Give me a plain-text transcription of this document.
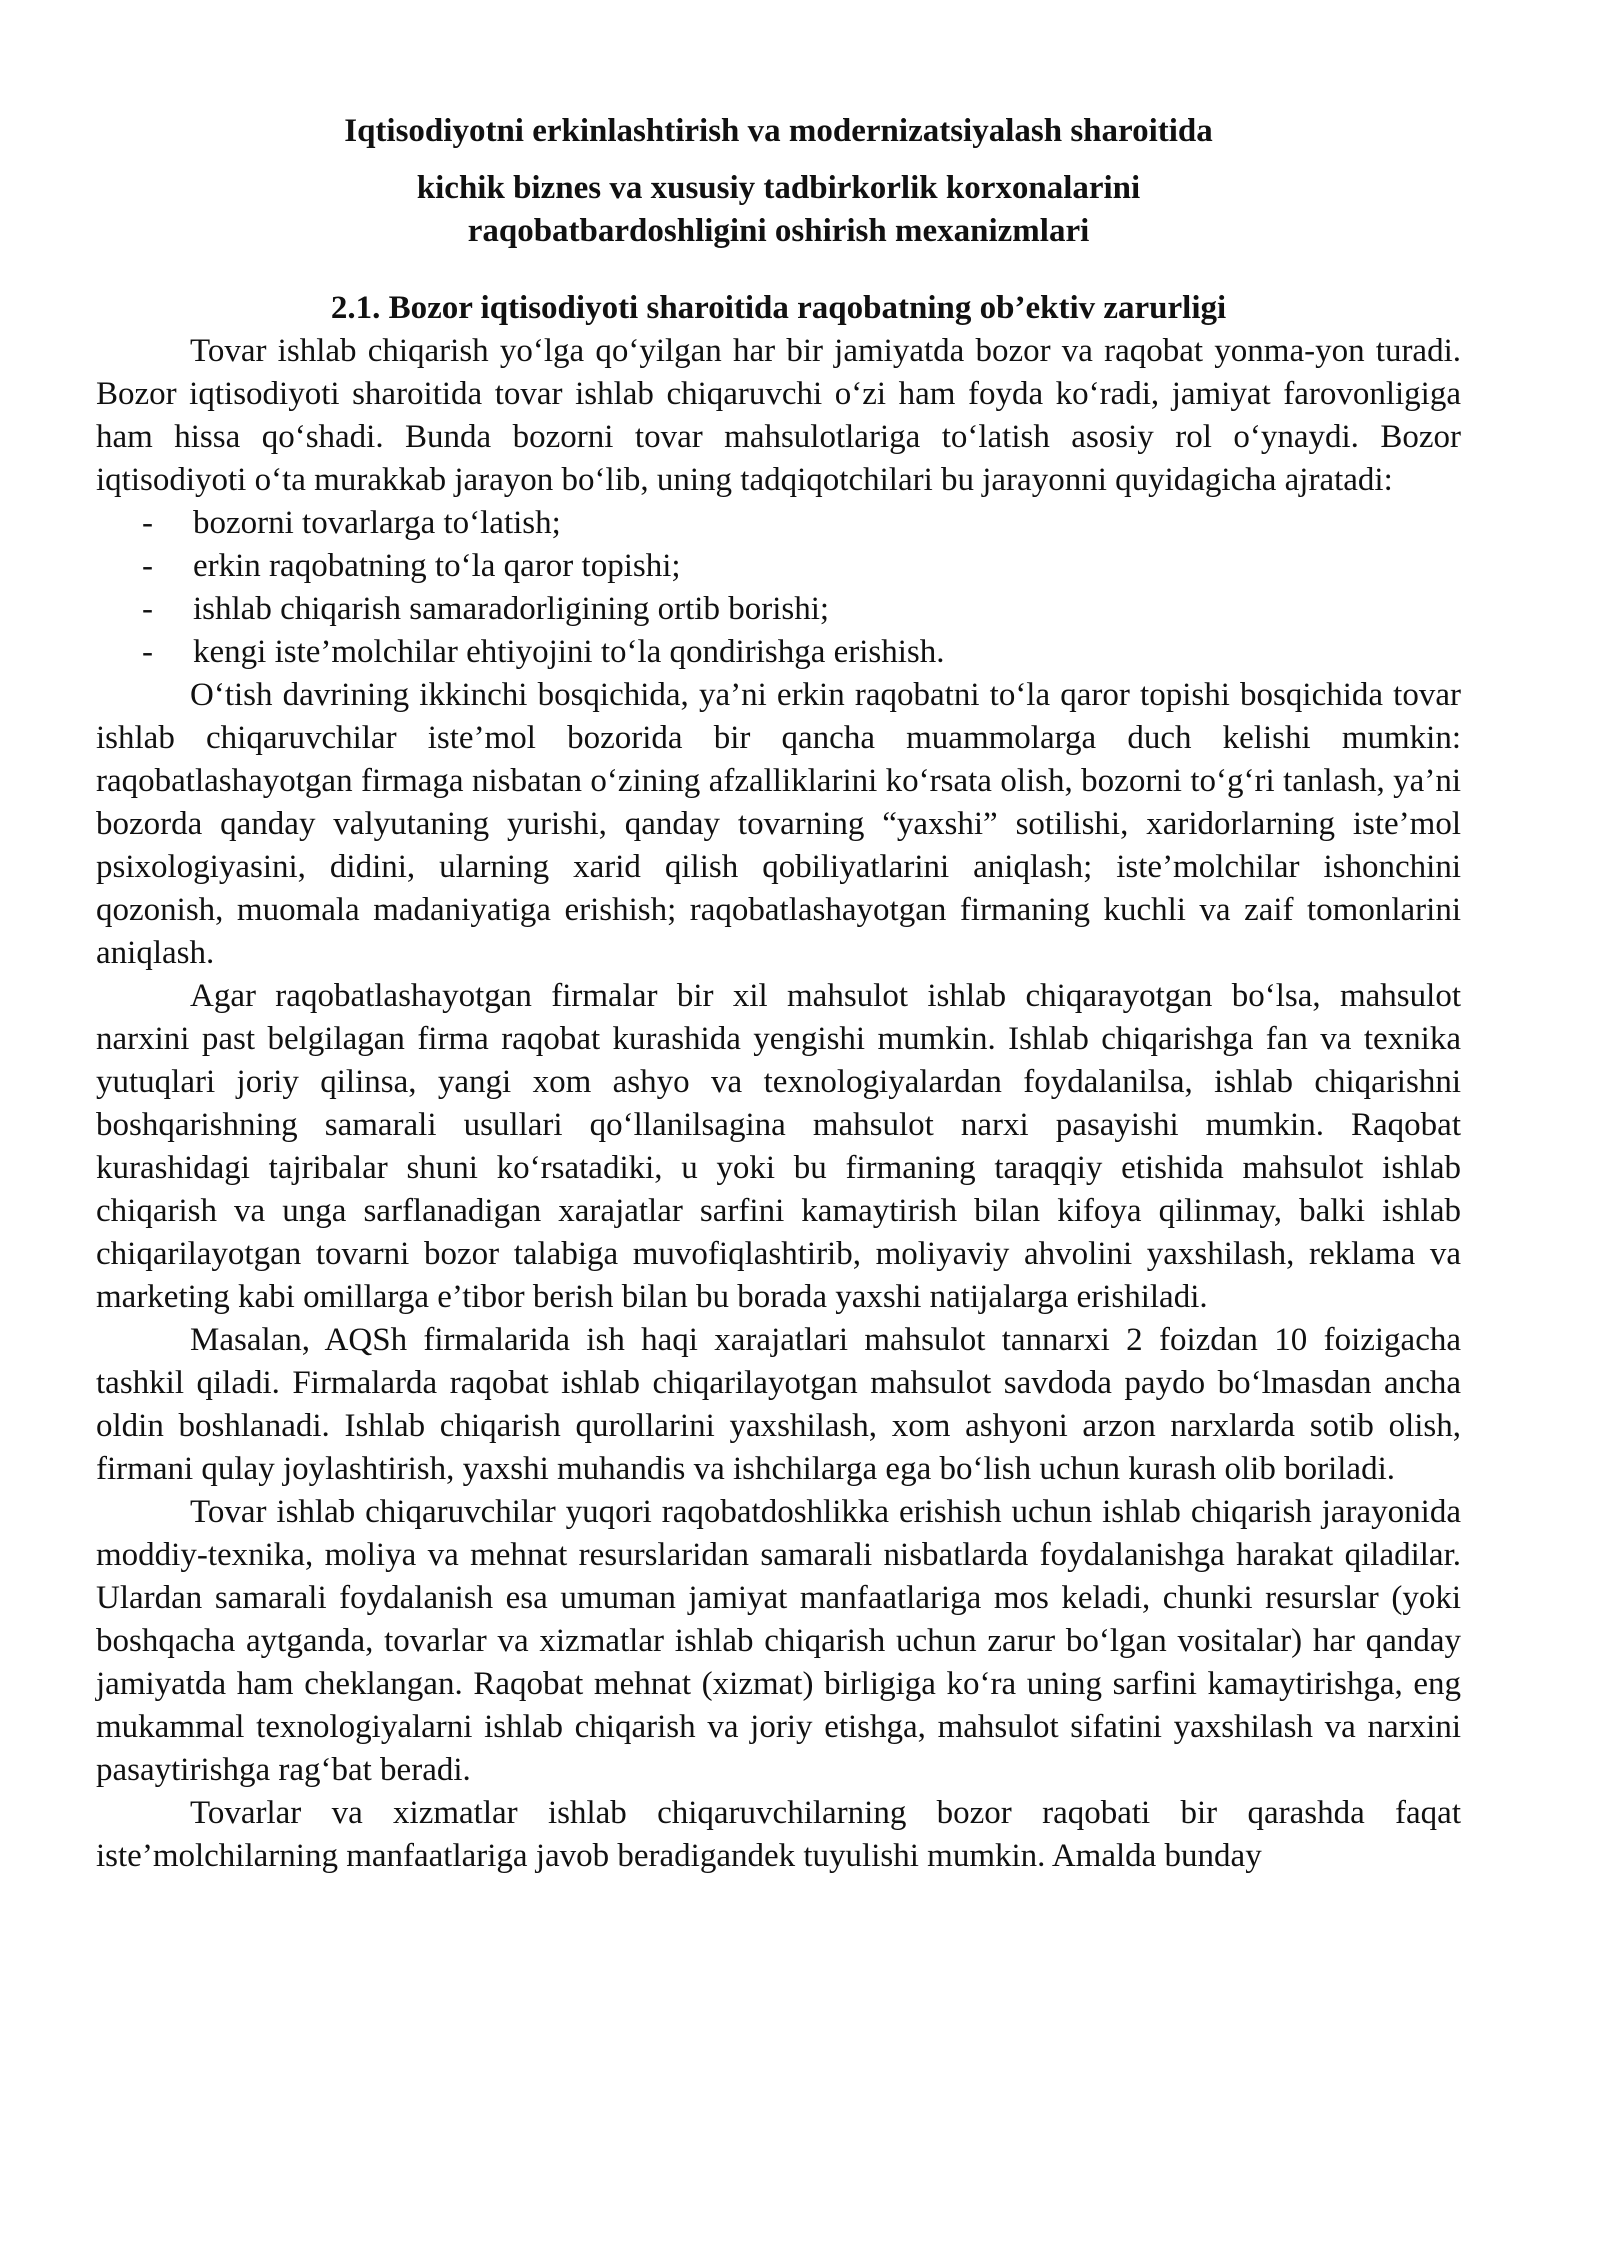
Iqtisodiyotni erkinlashtirish va modernizatsiyalash sharoitida
kichik biznes va xususiy tadbirkorlik korxonalarini
raqobatbardoshligini oshirish mexanizmlari
2.1. Bozor iqtisodiyoti sharoitida raqobatning ob’ektiv zarurligi

Tovar ishlab chiqarish yo‘lga qo‘yilgan har bir jamiyatda bozor va raqobat yonma-yon turadi. Bozor iqtisodiyoti sharoitida tovar ishlab chiqaruvchi o‘zi ham foyda ko‘radi, jamiyat farovonligiga ham hissa qo‘shadi. Bunda bozorni tovar mahsulotlariga to‘latish asosiy rol o‘ynaydi. Bozor iqtisodiyoti o‘ta murakkab jarayon bo‘lib, uning tadqiqotchilari bu jarayonni quyidagicha ajratadi:

- bozorni tovarlarga to‘latish;
- erkin raqobatning to‘la qaror topishi;
- ishlab chiqarish samaradorligining ortib borishi;
- kengi iste’molchilar ehtiyojini to‘la qondirishga erishish.

O‘tish davrining ikkinchi bosqichida, ya’ni erkin raqobatni to‘la qaror topishi bosqichida tovar ishlab chiqaruvchilar iste’mol bozorida bir qancha muammolarga duch kelishi mumkin: raqobatlashayotgan firmaga nisbatan o‘zining afzalliklarini ko‘rsata olish, bozorni to‘g‘ri tanlash, ya’ni bozorda qanday valyutaning yurishi, qanday tovarning “yaxshi” sotilishi, xaridorlarning iste’mol psixologiyasini, didini, ularning xarid qilish qobiliyatlarini aniqlash; iste’molchilar ishonchini qozonish, muomala madaniyatiga erishish; raqobatlashayotgan firmaning kuchli va zaif tomonlarini aniqlash.

Agar raqobatlashayotgan firmalar bir xil mahsulot ishlab chiqarayotgan bo‘lsa, mahsulot narxini past belgilagan firma raqobat kurashida yengishi mumkin. Ishlab chiqarishga fan va texnika yutuqlari joriy qilinsa, yangi xom ashyo va texnologiyalardan foydalanilsa, ishlab chiqarishni boshqarishning samarali usullari qo‘llanilsagina mahsulot narxi pasayishi mumkin. Raqobat kurashidagi tajribalar shuni ko‘rsatadiki, u yoki bu firmaning taraqqiy etishida mahsulot ishlab chiqarish va unga sarflanadigan xarajatlar sarfini kamaytirish bilan kifoya qilinmay, balki ishlab chiqarilayotgan tovarni bozor talabiga muvofiqlashtirib, moliyaviy ahvolini yaxshilash, reklama va marketing kabi omillarga e’tibor berish bilan bu borada yaxshi natijalarga erishiladi.

Masalan, AQSh firmalarida ish haqi xarajatlari mahsulot tannarxi 2 foizdan 10 foizigacha tashkil qiladi. Firmalarda raqobat ishlab chiqarilayotgan mahsulot savdoda paydo bo‘lmasdan ancha oldin boshlanadi. Ishlab chiqarish qurollarini yaxshilash, xom ashyoni arzon narxlarda sotib olish, firmani qulay joylashtirish, yaxshi muhandis va ishchilarga ega bo‘lish uchun kurash olib boriladi.

Tovar ishlab chiqaruvchilar yuqori raqobatdoshlikka erishish uchun ishlab chiqarish jarayonida moddiy-texnika, moliya va mehnat resurslaridan samarali nisbatlarda foydalanishga harakat qiladilar. Ulardan samarali foydalanish esa umuman jamiyat manfaatlariga mos keladi, chunki resurslar (yoki boshqacha aytganda, tovarlar va xizmatlar ishlab chiqarish uchun zarur bo‘lgan vositalar) har qanday jamiyatda ham cheklangan. Raqobat mehnat (xizmat) birligiga ko‘ra uning sarfini kamaytirishga, eng mukammal texnologiyalarni ishlab chiqarish va joriy etishga, mahsulot sifatini yaxshilash va narxini pasaytirishga rag‘bat beradi.

Tovarlar va xizmatlar ishlab chiqaruvchilarning bozor raqobati bir qarashda faqat iste’molchilarning manfaatlariga javob beradigandek tuyulishi mumkin. Amalda bunday
